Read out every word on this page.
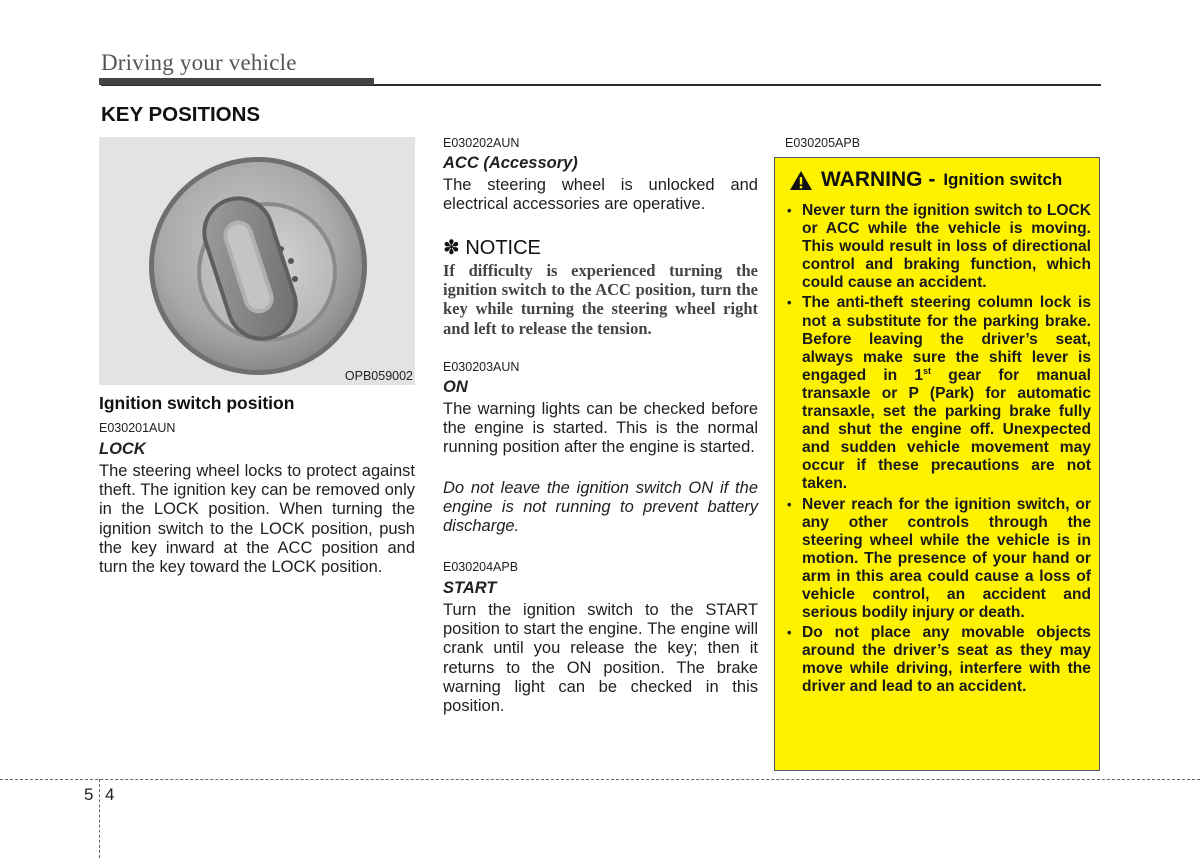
Driving your vehicle
KEY POSITIONS
OPB059002
Ignition switch position
E030201AUN
LOCK

The steering wheel locks to protect against theft. The ignition key can be removed only in the LOCK position. When turning the ignition switch to the LOCK position, push the key inward at the ACC position and turn the key toward the LOCK position.

E030202AUN
ACC (Accessory)

The steering wheel is unlocked and electrical accessories are operative.

✽ NOTICE

If difficulty is experienced turning the ignition switch to the ACC position, turn the key while turning the steering wheel right and left to release the tension.

E030203AUN
ON

The warning lights can be checked before the engine is started. This is the normal running position after the engine is started.

Do not leave the ignition switch ON if the engine is not running to prevent battery discharge.

E030204APB
START

Turn the ignition switch to the START position to start the engine. The engine will crank until you release the key; then it returns to the ON position. The brake warning light can be checked in this position.

E030205APB
WARNING - Ignition switch
• Never turn the ignition switch to LOCK or ACC while the vehicle is moving. This would result in loss of directional control and braking function, which could cause an accident.
• The anti-theft steering column lock is not a substitute for the parking brake. Before leaving the driver’s seat, always make sure the shift lever is engaged in 1st gear for manual transaxle or P (Park) for automatic transaxle, set the parking brake fully and shut the engine off. Unexpected and sudden vehicle movement may occur if these precautions are not taken.
• Never reach for the ignition switch, or any other controls through the steering wheel while the vehicle is in motion. The presence of your hand or arm in this area could cause a loss of vehicle control, an accident and serious bodily injury or death.
• Do not place any movable objects around the driver’s seat as they may move while driving, interfere with the driver and lead to an accident.
5 4
